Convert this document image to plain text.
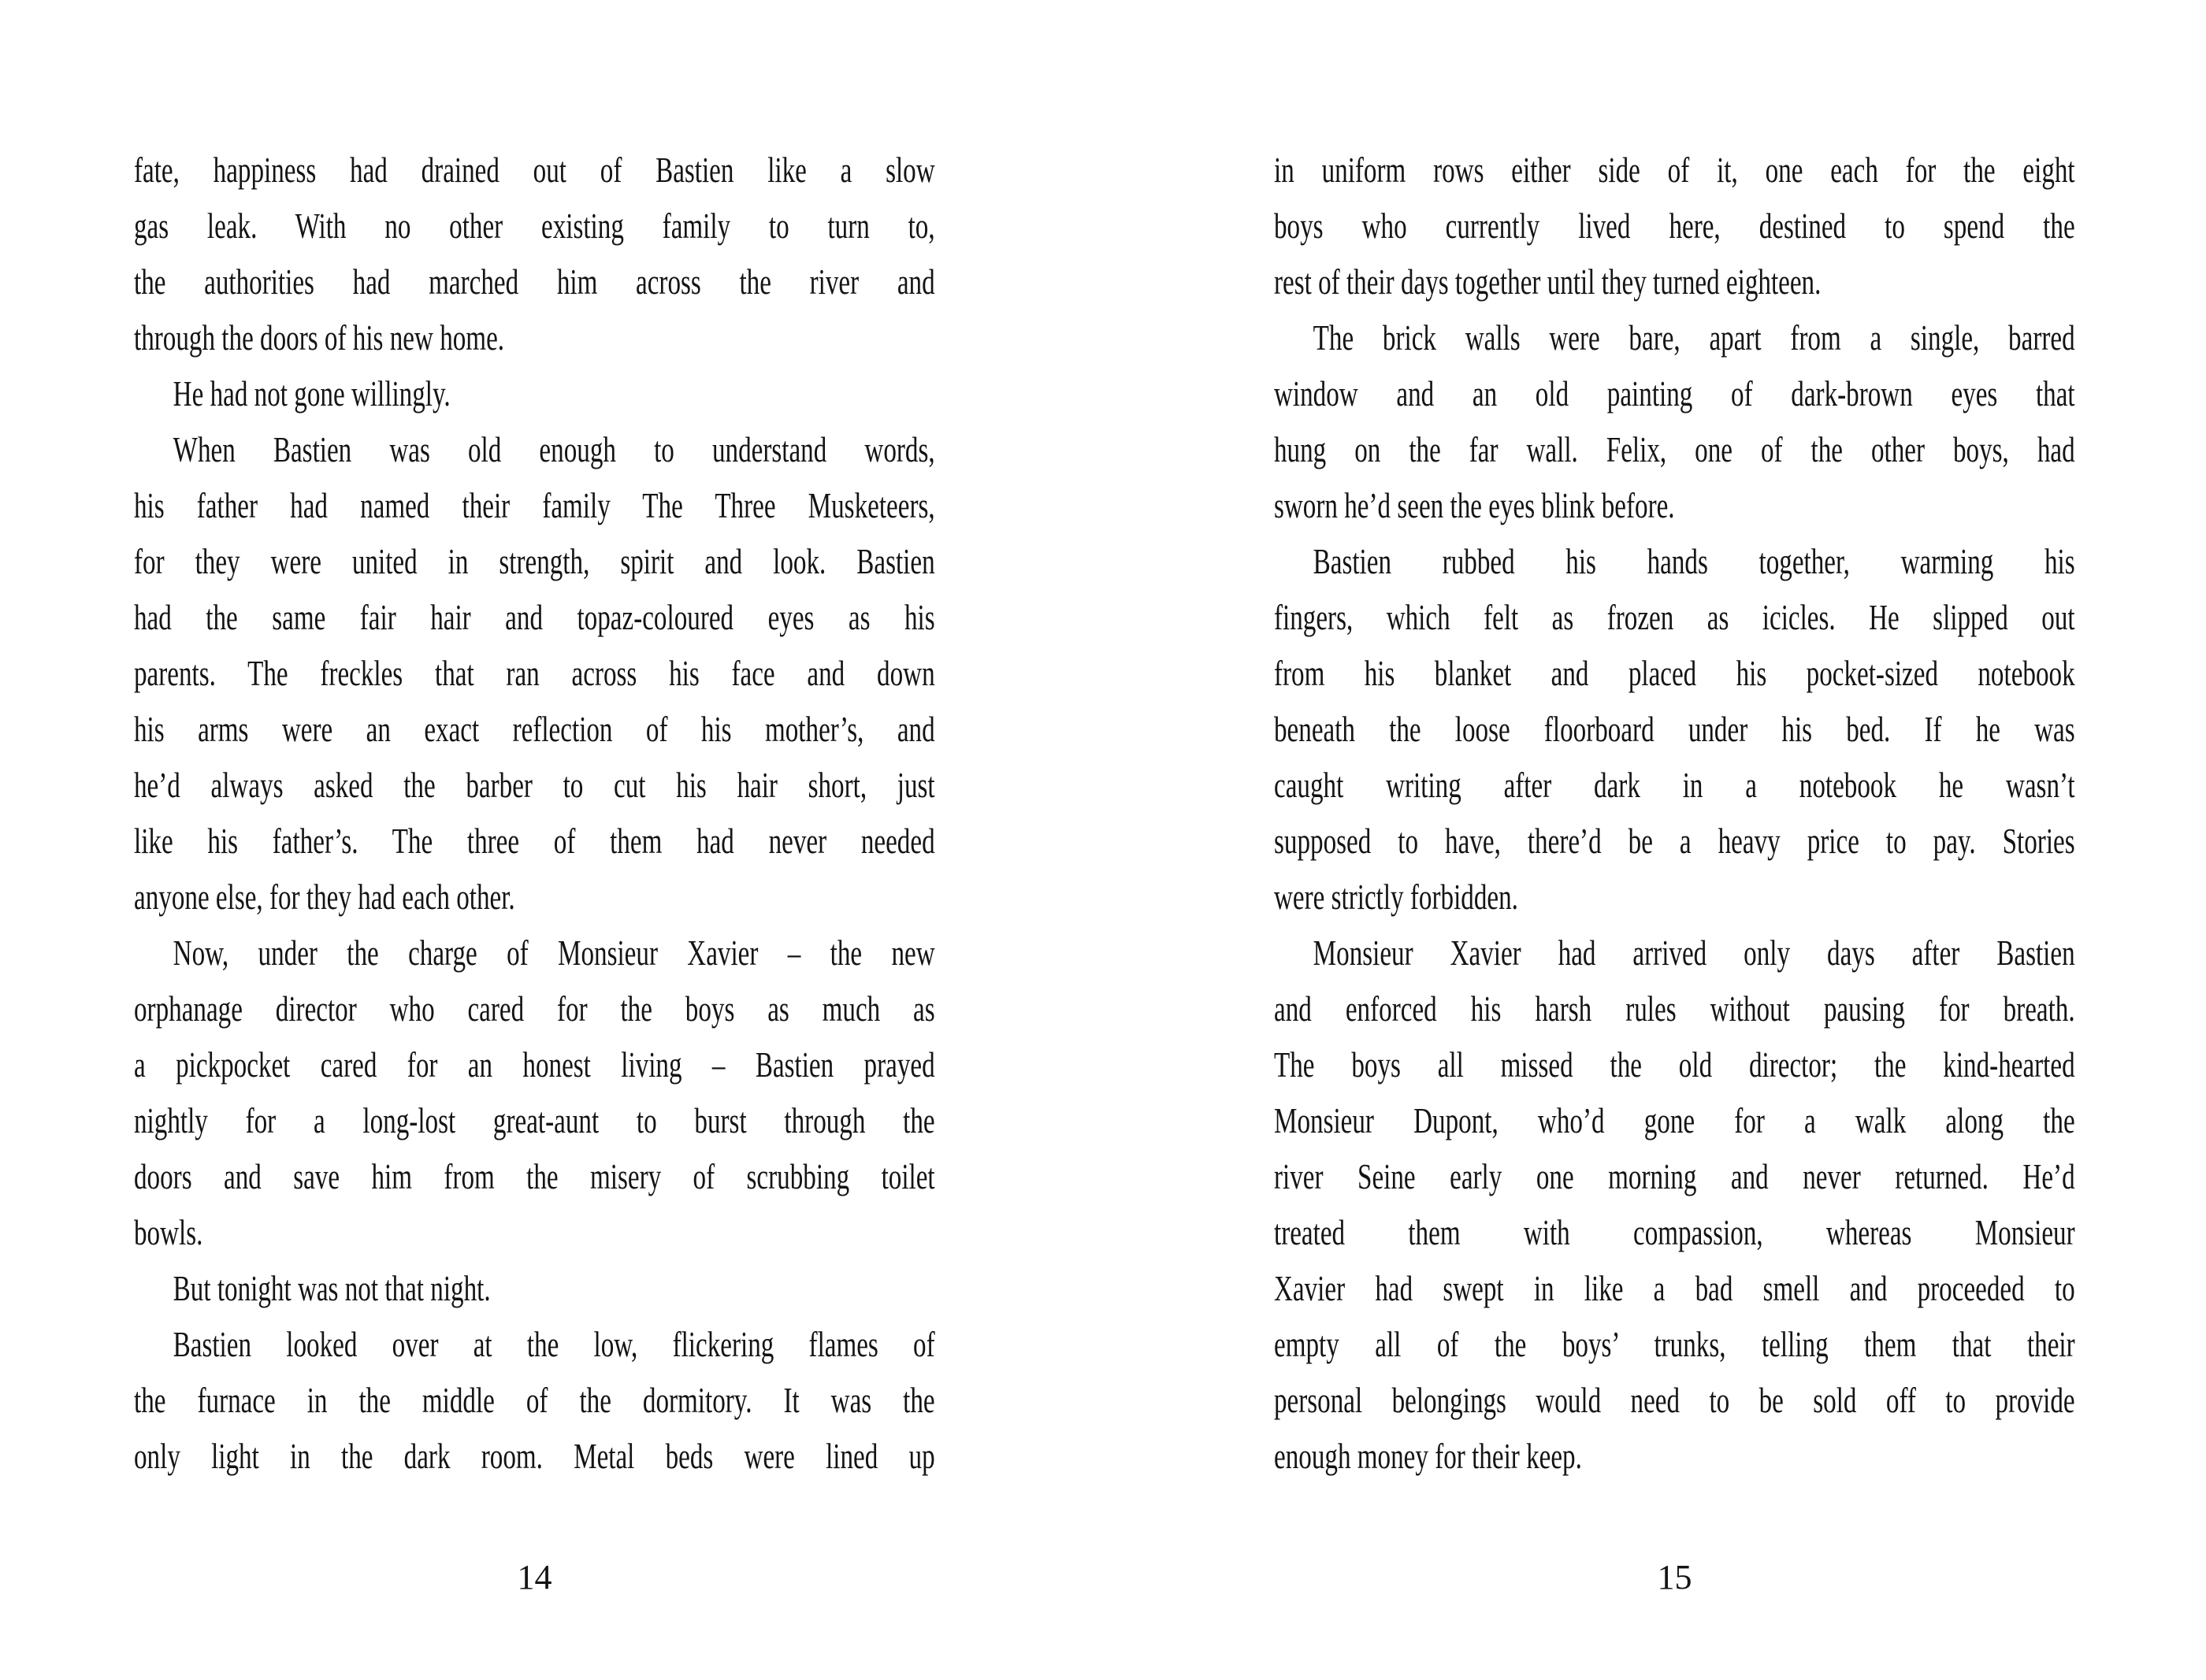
fate, happiness had drained out of Bastien like a slow
gas leak. With no other existing family to turn to,
the authorities had marched him across the river and
through the doors of his new home.
He had not gone willingly.
When Bastien was old enough to understand words,
his father had named their family The Three Musketeers,
for they were united in strength, spirit and look. Bastien
had the same fair hair and topaz-coloured eyes as his
parents. The freckles that ran across his face and down
his arms were an exact reflection of his mother’s, and
he’d always asked the barber to cut his hair short, just
like his father’s. The three of them had never needed
anyone else, for they had each other.
Now, under the charge of Monsieur Xavier – the new
orphanage director who cared for the boys as much as
a pickpocket cared for an honest living – Bastien prayed
nightly for a long-lost great-aunt to burst through the
doors and save him from the misery of scrubbing toilet
bowls.
But tonight was not that night.
Bastien looked over at the low, flickering flames of
the furnace in the middle of the dormitory. It was the
only light in the dark room. Metal beds were lined up
14
in uniform rows either side of it, one each for the eight
boys who currently lived here, destined to spend the
rest of their days together until they turned eighteen.
The brick walls were bare, apart from a single, barred
window and an old painting of dark-brown eyes that
hung on the far wall. Felix, one of the other boys, had
sworn he’d seen the eyes blink before.
Bastien rubbed his hands together, warming his
fingers, which felt as frozen as icicles. He slipped out
from his blanket and placed his pocket-sized notebook
beneath the loose floorboard under his bed. If he was
caught writing after dark in a notebook he wasn’t
supposed to have, there’d be a heavy price to pay. Stories
were strictly forbidden.
Monsieur Xavier had arrived only days after Bastien
and enforced his harsh rules without pausing for breath.
The boys all missed the old director; the kind-hearted
Monsieur Dupont, who’d gone for a walk along the
river Seine early one morning and never returned. He’d
treated them with compassion, whereas Monsieur
Xavier had swept in like a bad smell and proceeded to
empty all of the boys’ trunks, telling them that their
personal belongings would need to be sold off to provide
enough money for their keep.
15
